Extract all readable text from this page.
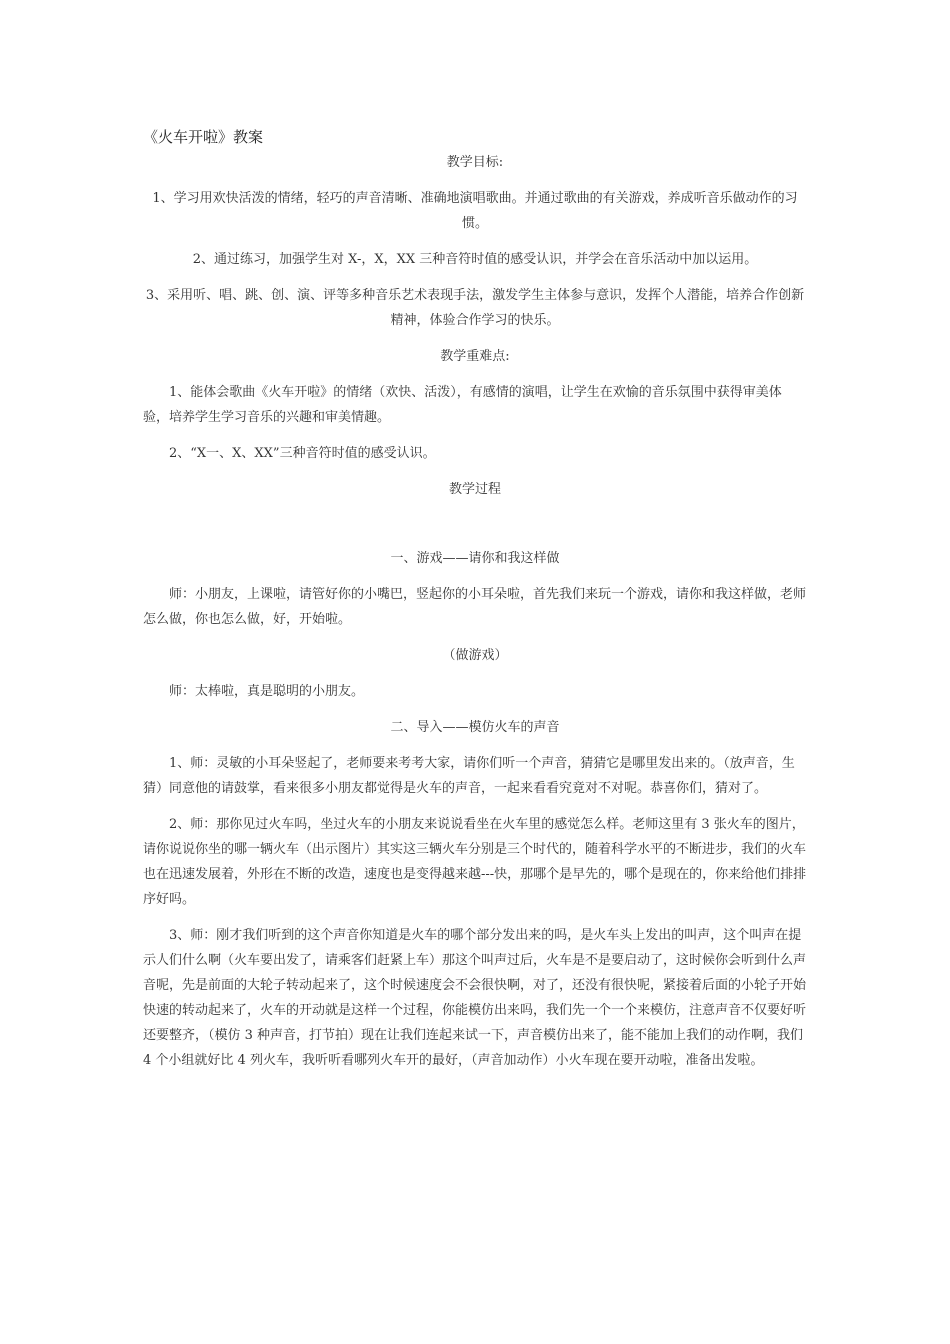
《火车开啦》教案

教学目标:

1、学习用欢快活泼的情绪，轻巧的声音清晰、准确地演唱歌曲。并通过歌曲的有关游戏，养成听音乐做动作的习惯。

2、通过练习，加强学生对 X-，X，XX 三种音符时值的感受认识，并学会在音乐活动中加以运用。

3、采用听、唱、跳、创、演、评等多种音乐艺术表现手法，激发学生主体参与意识，发挥个人潜能，培养合作创新精神，体验合作学习的快乐。

教学重难点:

1、能体会歌曲《火车开啦》的情绪（欢快、活泼），有感情的演唱，让学生在欢愉的音乐氛围中获得审美体验，培养学生学习音乐的兴趣和审美情趣。

2、“X一、X、XX”三种音符时值的感受认识。

教学过程

一、游戏——请你和我这样做

师：小朋友，上课啦，请管好你的小嘴巴，竖起你的小耳朵啦，首先我们来玩一个游戏，请你和我这样做，老师怎么做，你也怎么做，好，开始啦。

（做游戏）

师：太棒啦，真是聪明的小朋友。

二、导入——模仿火车的声音

1、师：灵敏的小耳朵竖起了，老师要来考考大家，请你们听一个声音，猜猜它是哪里发出来的。（放声音，生猜）同意他的请鼓掌，看来很多小朋友都觉得是火车的声音，一起来看看究竟对不对呢。恭喜你们，猜对了。

2、师：那你见过火车吗，坐过火车的小朋友来说说看坐在火车里的感觉怎么样。老师这里有 3 张火车的图片，请你说说你坐的哪一辆火车（出示图片）其实这三辆火车分别是三个时代的，随着科学水平的不断进步，我们的火车也在迅速发展着，外形在不断的改造，速度也是变得越来越---快，那哪个是早先的，哪个是现在的，你来给他们排排序好吗。

3、师：刚才我们听到的这个声音你知道是火车的哪个部分发出来的吗，是火车头上发出的叫声，这个叫声在提示人们什么啊（火车要出发了，请乘客们赶紧上车）那这个叫声过后，火车是不是要启动了，这时候你会听到什么声音呢，先是前面的大轮子转动起来了，这个时候速度会不会很快啊，对了，还没有很快呢，紧接着后面的小轮子开始快速的转动起来了，火车的开动就是这样一个过程，你能模仿出来吗，我们先一个一个来模仿，注意声音不仅要好听还要整齐，（模仿 3 种声音，打节拍）现在让我们连起来试一下，声音模仿出来了，能不能加上我们的动作啊，我们 4 个小组就好比 4 列火车，我听听看哪列火车开的最好，（声音加动作）小火车现在要开动啦，准备出发啦。
